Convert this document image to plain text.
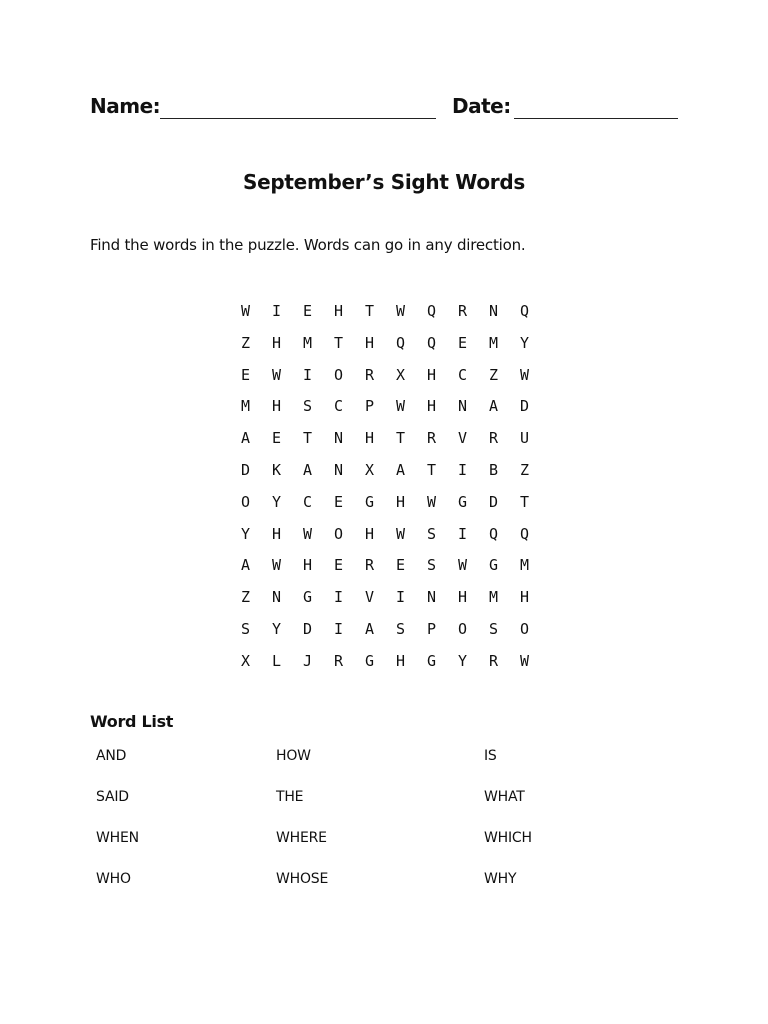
Name:	Date:
September’s Sight Words
Find the words in the puzzle. Words can go in any direction.
W	I	E	H	T	W	Q	R	N	Q
Z	H	M	T	H	Q	Q	E	M	Y
E	W	I	O	R	X	H	C	Z	W
M	H	S	C	P	W	H	N	A	D
A	E	T	N	H	T	R	V	R	U
D	K	A	N	X	A	T	I	B	Z
O	Y	C	E	G	H	W	G	D	T
Y	H	W	O	H	W	S	I	Q	Q
A	W	H	E	R	E	S	W	G	M
Z	N	G	I	V	I	N	H	M	H
S	Y	D	I	A	S	P	O	S	O
X	L	J	R	G	H	G	Y	R	W
Word List
AND	HOW	IS
SAID	THE	WHAT
WHEN	WHERE	WHICH
WHO	WHOSE	WHY
